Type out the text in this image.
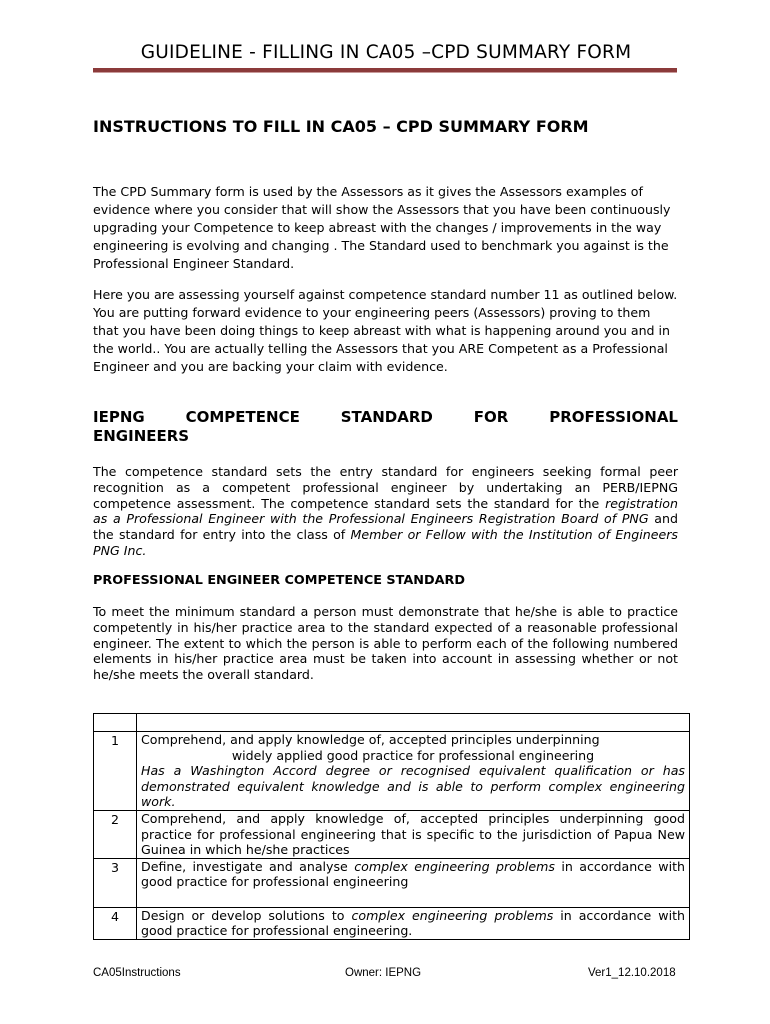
GUIDELINE - FILLING IN CA05 –CPD SUMMARY FORM
INSTRUCTIONS TO FILL IN CA05 – CPD SUMMARY FORM

The CPD Summary form is used by the Assessors as it gives the Assessors examples of evidence where you consider that will show the Assessors that you have been continuously upgrading your Competence to keep abreast with the changes / improvements in the way engineering is evolving and changing . The Standard used to benchmark you against is the Professional Engineer Standard.

Here you are assessing yourself against competence standard number 11 as outlined below. You are putting forward evidence to your engineering peers (Assessors) proving to them that you have been doing things to keep abreast with what is happening around you and in the world.. You are actually telling the Assessors that you ARE Competent as a Professional Engineer and you are backing your claim with evidence.

IEPNG COMPETENCE STANDARD FOR PROFESSIONAL
ENGINEERS

The competence standard sets the entry standard for engineers seeking formal peer recognition as a competent professional engineer by undertaking an PERB/IEPNG competence assessment. The competence standard sets the standard for the registration as a Professional Engineer with the Professional Engineers Registration Board of PNG and the standard for entry into the class of Member or Fellow with the Institution of Engineers PNG Inc.

PROFESSIONAL ENGINEER COMPETENCE STANDARD

To meet the minimum standard a person must demonstrate that he/she is able to practice competently in his/her practice area to the standard expected of a reasonable professional engineer. The extent to which the person is able to perform each of the following numbered elements in his/her practice area must be taken into account in assessing whether or not he/she meets the overall standard.

1	Comprehend, and apply knowledge of, accepted principles underpinning
widely applied good practice for professional engineering
Has a Washington Accord degree or recognised equivalent qualification or has demonstrated equivalent knowledge and is able to perform complex engineering work.
2	Comprehend, and apply knowledge of, accepted principles underpinning good practice for professional engineering that is specific to the jurisdiction of Papua New Guinea in which he/she practices
3	Define, investigate and analyse complex engineering problems in accordance with good practice for professional engineering
4	Design or develop solutions to complex engineering problems in accordance with good practice for professional engineering.
CA05Instructions	Owner: IEPNG	Ver1_12.10.2018
